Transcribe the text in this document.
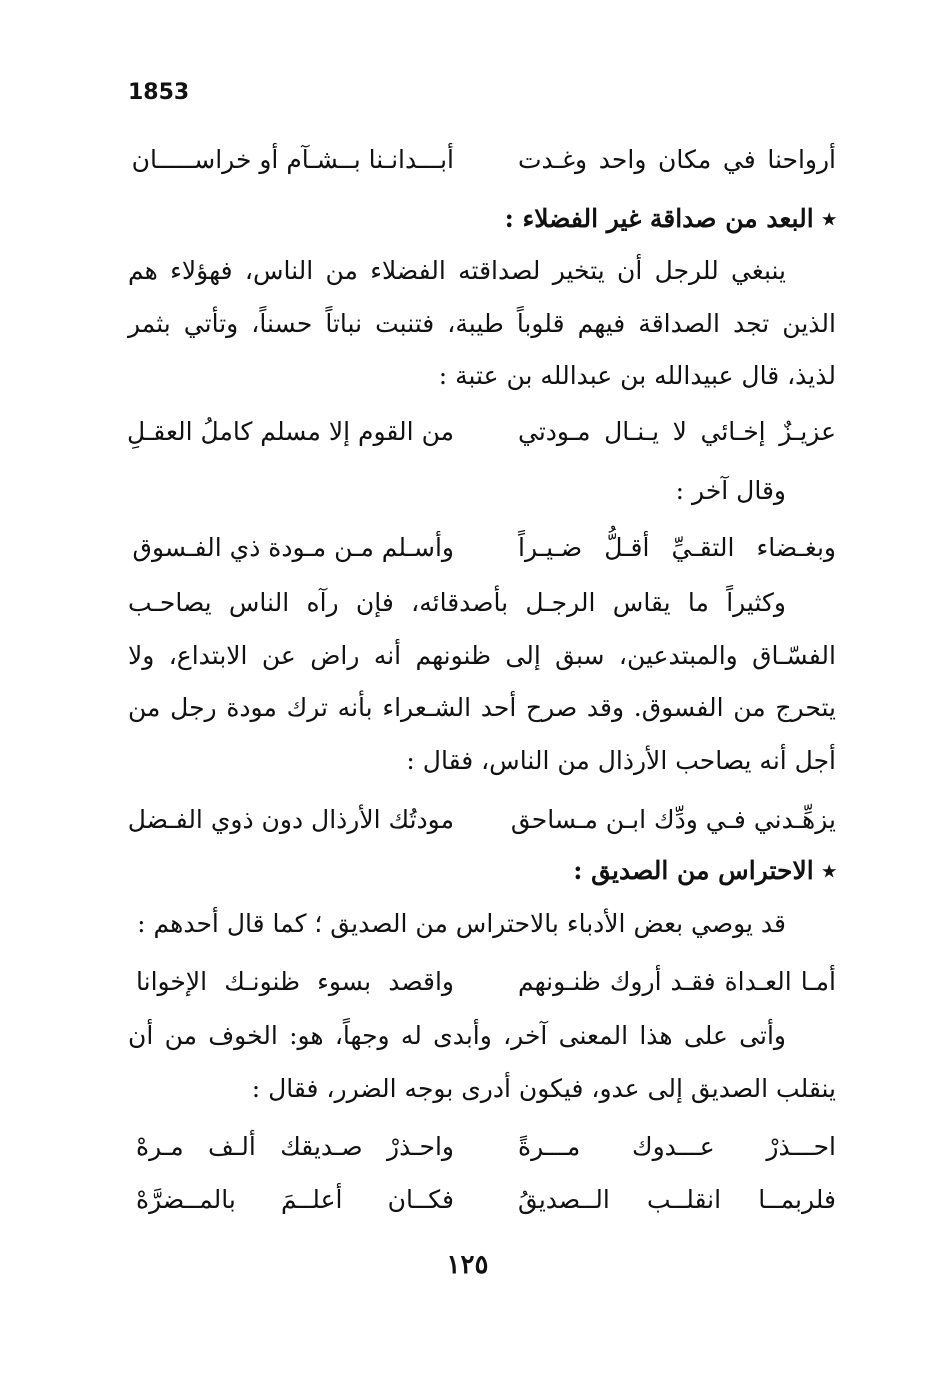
1853
أرواحنا في مكان واحد وغـدت
أبـــدانـنا بــشـآم أو خراســـــان
٭ البعد من صداقة غير الفضلاء :
ينبغي للرجل أن يتخير لصداقته الفضلاء من الناس، فهؤلاء هم الذين تجد الصداقة فيهم قلوباً طيبة، فتنبت نباتاً حسناً، وتأتي بثمر لذيذ، قال عبيدالله بن عبدالله بن عتبة :
عزيـزٌ إخـائي لا يـنـال مـودتي
من القوم إلا مسلم كاملُ العقـلِ
وقال آخر :
وبغـضاء التقـيِّ أقـلُّ ضـيـراً
وأسـلم مـن مـودة ذي الفـسوق
وكثيراً ما يقاس الرجـل بأصدقائه، فإن رآه الناس يصاحـب الفسّـاق والمبتدعين، سبق إلى ظنونهم أنه راض عن الابتداع، ولا يتحرج من الفسوق. وقد صرح أحد الشـعراء بأنه ترك مودة رجل من أجل أنه يصاحب الأرذال من الناس، فقال :
يزهِّـدني فـي ودِّك ابـن مـساحق
مودتُك الأرذال دون ذوي الفـضل
٭ الاحتراس من الصديق :
قد يوصي بعض الأدباء بالاحتراس من الصديق ؛ كما قال أحدهم :
أمـا العـداة فقـد أروك ظنـونهم
واقصد بسوء ظنونـك الإخوانا
وأتى على هذا المعنى آخر، وأبدى له وجهاً، هو: الخوف من أن ينقلب الصديق إلى عدو، فيكون أدرى بوجه الضرر، فقال :
احـــذرْ عـــدوك مـــرةً
واحـذرْ صـديقك ألـف مـرهْ
فلربمــا انقلــب الــصديقُ
فكــان أعلــمَ بالمــضرَّهْ
١٢٥
